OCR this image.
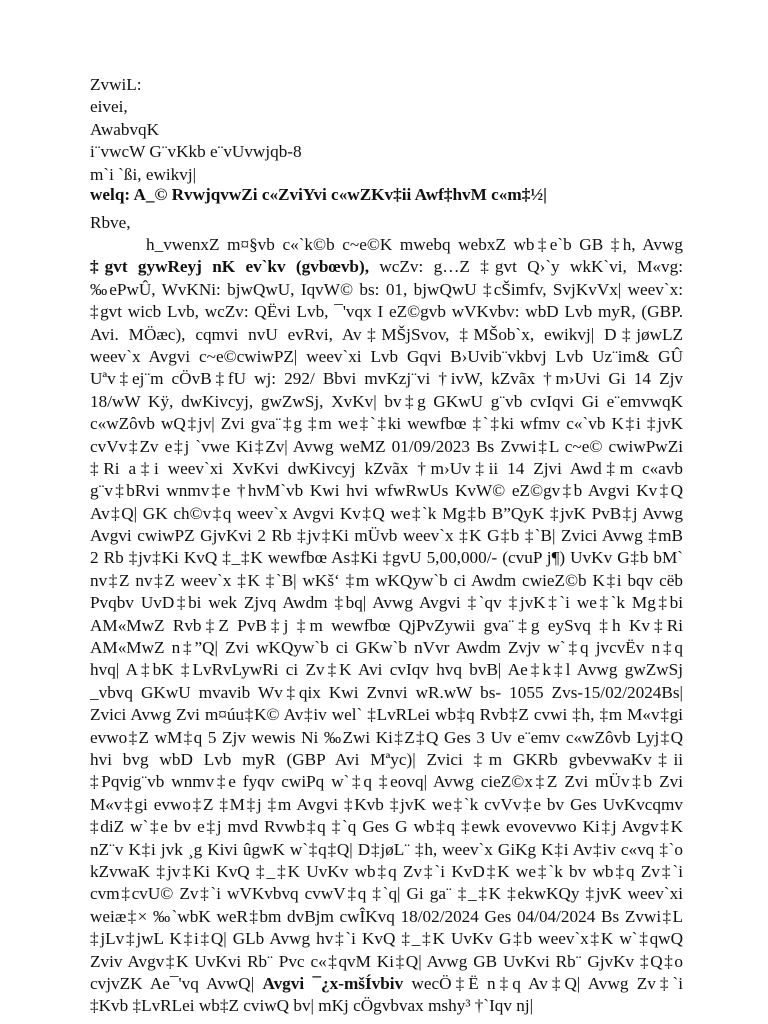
ZvwiL:
eivei,
AwabvqK
i¨vwcW G¨vKkb e¨vUvwjqb-8
m`i `ßi, ewikvj|
welq: A_© RvwjqvwZi c«ZviYvi c«wZKv‡ii Awf‡hvM c«m‡½|
Rbve,
h_vwenxZ m¤§vb c«`k©b c~e©K mwebq webxZ wb‡e`b GB ‡h, Avwg
‡gvt gywReyj nK ev`kv (gvbœvb), wcZv: g…Z ‡gvt Q›`y wkK`vi, M«vg:
‰ePwÛ, WvKNi: bjwQwU, IqvW© bs: 01, bjwQwU ‡cŠimfv, SvjKvVx| weev`x:
‡gvt wicb Lvb, wcZv: QËvi Lvb, ¯'vqx I eZ©gvb wVKvbv: wbD Lvb myR, (GBP.
Avi. MÖæc), cqmvi nvU evRvi, Av‡MŠjSvov, ‡MŠob`x, ewikvj| D‡jøwLZ
weev`x Avgvi c~e©cwiwPZ| weev`xi Lvb Gqvi B›Uvib¨vkbvj Lvb Uz¨im& GÛ
Uªv‡ej¨m cÖvB‡fU wj: 292/ Bbvi mvKzj¨vi †ivW, kZvãx †m›Uvi Gi 14 Zjv
18/wW Kÿ, dwKivcyj, gwZwSj, XvKv| bv‡g GKwU g¨vb cvIqvi Gi e¨emvwqK
c«wZôvb wQ‡jv| Zvi gva¨‡g ‡m we‡`‡ki wewfbœ ‡`‡ki wfmv c«`vb K‡i ‡jvK
cvVv‡Zv e‡j `vwe Ki‡Zv| Avwg weMZ 01/09/2023 Bs Zvwi‡L c~e© cwiwPwZi
‡Ri a‡i weev`xi XvKvi dwKivcyj kZvãx †m›Uv‡ii 14 Zjvi Awd‡m c«avb
g¨v‡bRvi wnmv‡e †hvM`vb Kwi hvi wfwRwUs KvW© eZ©gv‡b Avgvi Kv‡Q
Av‡Q| GK ch©v‡q weev`x Avgvi Kv‡Q we‡`k Mg‡b B”QyK ‡jvK PvB‡j Avwg
Avgvi cwiwPZ GjvKvi 2 Rb ‡jv‡Ki mÜvb weev`x ‡K G‡b ‡`B| Zvici Avwg ‡mB
2 Rb ‡jv‡Ki KvQ ‡_‡K wewfbœ As‡Ki ‡gvU 5,00,000/- (cvuP j¶) UvKv G‡b bM`
nv‡Z nv‡Z weev`x ‡K ‡`B| wKš‘ ‡m wKQyw`b ci Awdm cwieZ©b K‡i bqv cëb
Pvqbv UvD‡bi wek Zjvq Awdm ‡bq| Avwg Avgvi ‡`qv ‡jvK‡`i we‡`k Mg‡bi
AM«MwZ Rvb‡Z PvB‡j ‡m wewfbœ QjPvZywii gva¨‡g eySvq ‡h Kv‡Ri
AM«MwZ n‡”Q| Zvi wKQyw`b ci GKw`b nVvr Awdm Zvjv w`‡q jvcvËv n‡q
hvq| A‡bK ‡LvRvLywRi ci Zv‡K Avi cvIqv hvq bvB| Ae‡k‡l Avwg gwZwSj
_vbvq GKwU mvavib Wv‡qix Kwi Zvnvi wR.wW bs- 1055 Zvs-15/02/2024Bs|
Zvici Avwg Zvi m¤úu‡K© Av‡iv wel` ‡LvRLei wb‡q Rvb‡Z cvwi ‡h, ‡m M«v‡gi
evwo‡Z wM‡q 5 Zjv wewis Ni ‰Zwi Ki‡Z‡Q Ges 3 Uv e¨emv c«wZôvb Lyj‡Q
hvi bvg wbD Lvb myR (GBP Avi Mªyc)| Zvici ‡m GKRb gvbevwaKv‡ii
‡Pqvig¨vb wnmv‡e fyqv cwiPq w`‡q ‡eovq| Avwg cieZ©x‡Z Zvi mÜv‡b Zvi
M«v‡gi evwo‡Z ‡M‡j ‡m Avgvi ‡Kvb ‡jvK we‡`k cvVv‡e bv Ges UvKvcqmv
‡diZ w`‡e bv e‡j mvd Rvwb‡q ‡`q Ges G wb‡q ‡ewk evovevwo Ki‡j Avgv‡K
nZ¨v K‡i jvk ¸g Kivi ûgwK w`‡q‡Q| D‡jøL¨ ‡h, weev`x GiKg K‡i Av‡iv c«vq ‡`o
kZvwaK ‡jv‡Ki KvQ ‡_‡K UvKv wb‡q Zv‡`i KvD‡K we‡`k bv wb‡q Zv‡`i
cvm‡cvU© Zv‡`i wVKvbvq cvwV‡q ‡`q| Gi ga¨ ‡_‡K ‡ekwKQy ‡jvK weev`xi
weiæ‡× ‰`wbK weR‡bm dvBjm cwÎKvq 18/02/2024 Ges 04/04/2024 Bs Zvwi‡L
‡jLv‡jwL K‡i‡Q| GLb Avwg hv‡`i KvQ ‡_‡K UvKv G‡b weev`x‡K w`‡qwQ
Zviv Avgv‡K UvKvi Rb¨ Pvc c«‡qvM Ki‡Q| Avwg GB UvKvi Rb¨ GjvKv ‡Q‡o
cvjvZK Ae¯'vq AvwQ| Avgvi ¯¿x-mšÍvbiv wecÖ‡Ë n‡q Av‡Q| Avwg Zv‡`i
‡Kvb ‡LvRLei wb‡Z cviwQ bv| mKj cÖgvbvax mshy³ †`Iqv nj|
